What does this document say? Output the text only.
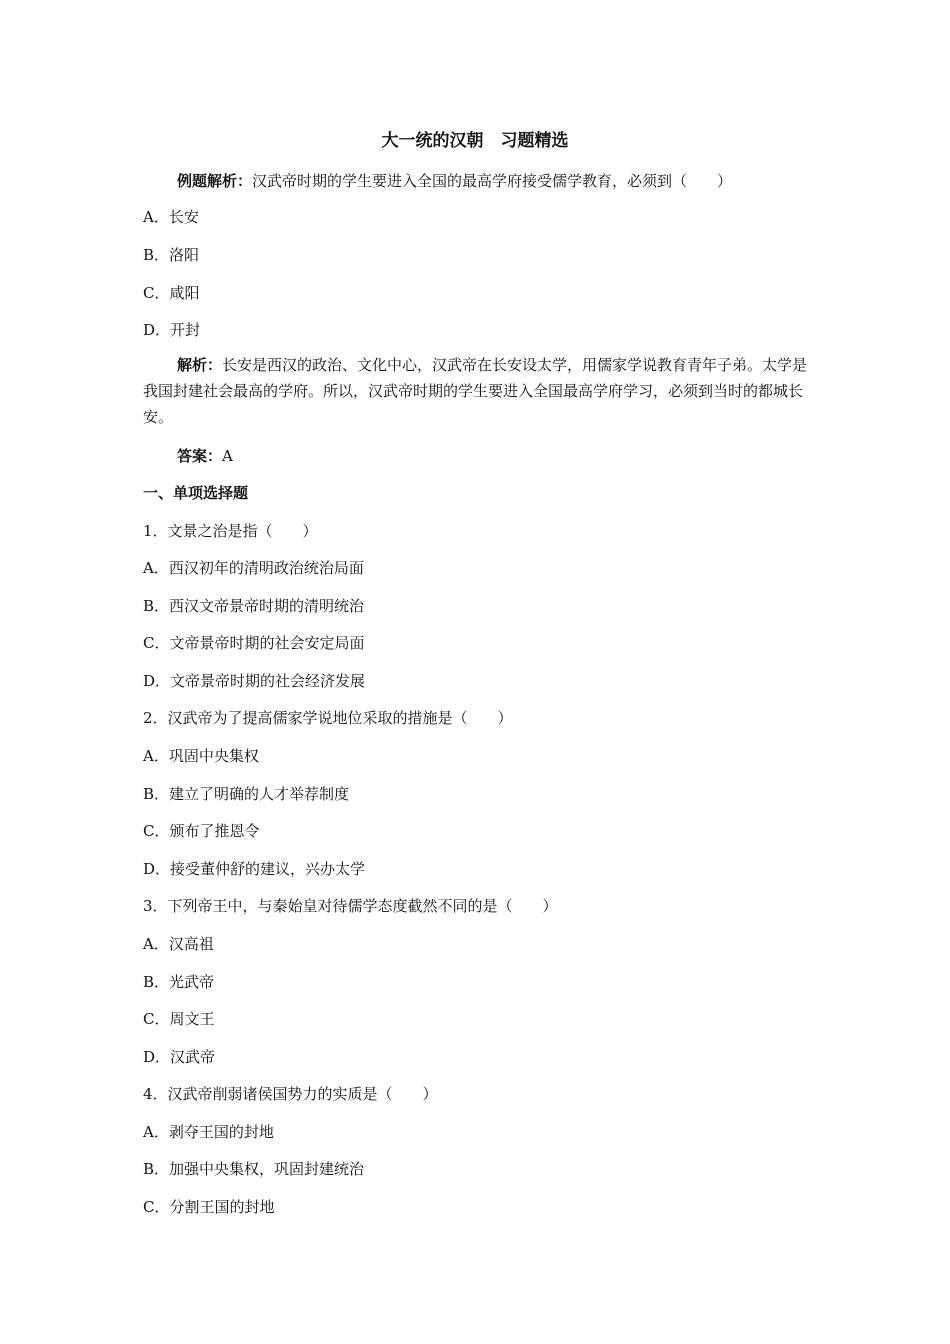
大一统的汉朝　习题精选
例题解析：汉武帝时期的学生要进入全国的最高学府接受儒学教育，必须到（　　）
A．长安
B．洛阳
C．咸阳
D．开封
解析：长安是西汉的政治、文化中心，汉武帝在长安设太学，用儒家学说教育青年子弟。太学是我国封建社会最高的学府。所以，汉武帝时期的学生要进入全国最高学府学习，必须到当时的都城长安。
答案：A
一、单项选择题
1．文景之治是指（　　）
A．西汉初年的清明政治统治局面
B．西汉文帝景帝时期的清明统治
C．文帝景帝时期的社会安定局面
D．文帝景帝时期的社会经济发展
2．汉武帝为了提高儒家学说地位采取的措施是（　　）
A．巩固中央集权
B．建立了明确的人才举荐制度
C．颁布了推恩令
D．接受董仲舒的建议，兴办太学
3．下列帝王中，与秦始皇对待儒学态度截然不同的是（　　）
A．汉高祖
B．光武帝
C．周文王
D．汉武帝
4．汉武帝削弱诸侯国势力的实质是（　　）
A．剥夺王国的封地
B．加强中央集权，巩固封建统治
C．分割王国的封地
